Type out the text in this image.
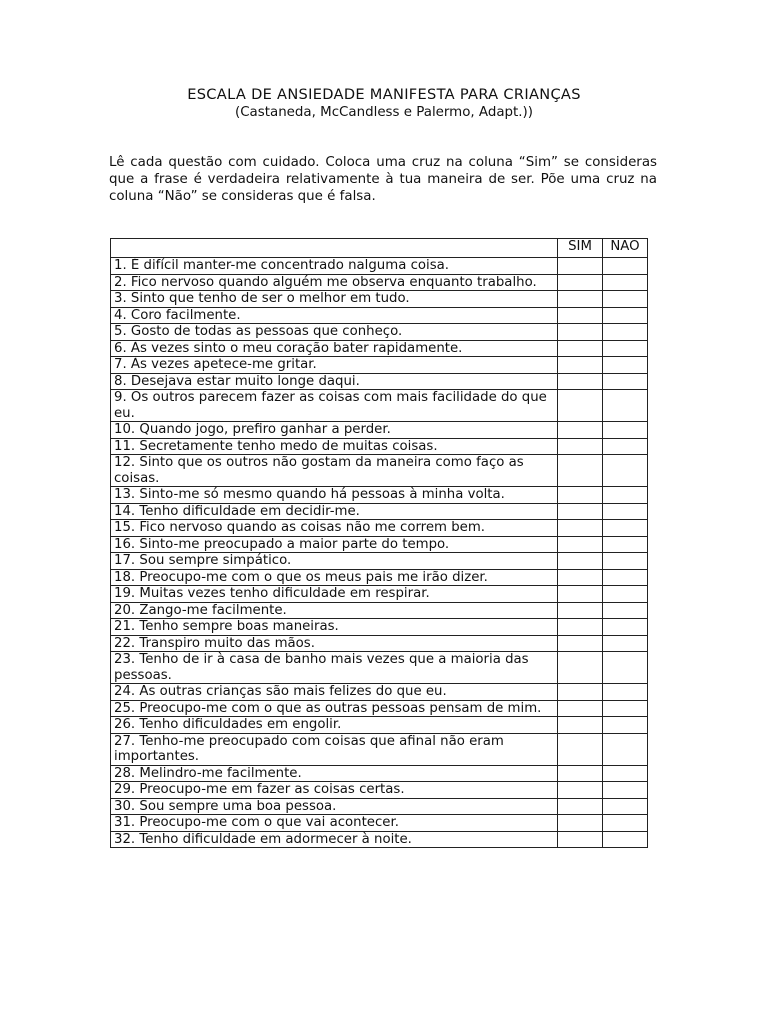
ESCALA DE ANSIEDADE MANIFESTA PARA CRIANÇAS
(Castaneda, McCandless e Palermo, Adapt.))

Lê cada questão com cuidado. Coloca uma cruz na coluna “Sim” se consideras que a frase é verdadeira relativamente à tua maneira de ser. Põe uma cruz na coluna “Não” se consideras que é falsa.

	SIM	NÃO
1. É difícil manter-me concentrado nalguma coisa.		
2. Fico nervoso quando alguém me observa enquanto trabalho.		
3. Sinto que tenho de ser o melhor em tudo.		
4. Coro facilmente.		
5. Gosto de todas as pessoas que conheço.		
6. Às vezes sinto o meu coração bater rapidamente.		
7. Às vezes apetece-me gritar.		
8. Desejava estar muito longe daqui.		
9. Os outros parecem fazer as coisas com mais facilidade do que eu.		
10. Quando jogo, prefiro ganhar a perder.		
11. Secretamente tenho medo de muitas coisas.		
12. Sinto que os outros não gostam da maneira como faço as coisas.		
13. Sinto-me só mesmo quando há pessoas à minha volta.		
14. Tenho dificuldade em decidir-me.		
15. Fico nervoso quando as coisas não me correm bem.		
16. Sinto-me preocupado a maior parte do tempo.		
17. Sou sempre simpático.		
18. Preocupo-me com o que os meus pais me irão dizer.		
19. Muitas vezes tenho dificuldade em respirar.		
20. Zango-me facilmente.		
21. Tenho sempre boas maneiras.		
22. Transpiro muito das mãos.		
23. Tenho de ir à casa de banho mais vezes que a maioria das pessoas.		
24. As outras crianças são mais felizes do que eu.		
25. Preocupo-me com o que as outras pessoas pensam de mim.		
26. Tenho dificuldades em engolir.		
27. Tenho-me preocupado com coisas que afinal não eram importantes.		
28. Melindro-me facilmente.		
29. Preocupo-me em fazer as coisas certas.		
30. Sou sempre uma boa pessoa.		
31. Preocupo-me com o que vai acontecer.		
32. Tenho dificuldade em adormecer à noite.		
